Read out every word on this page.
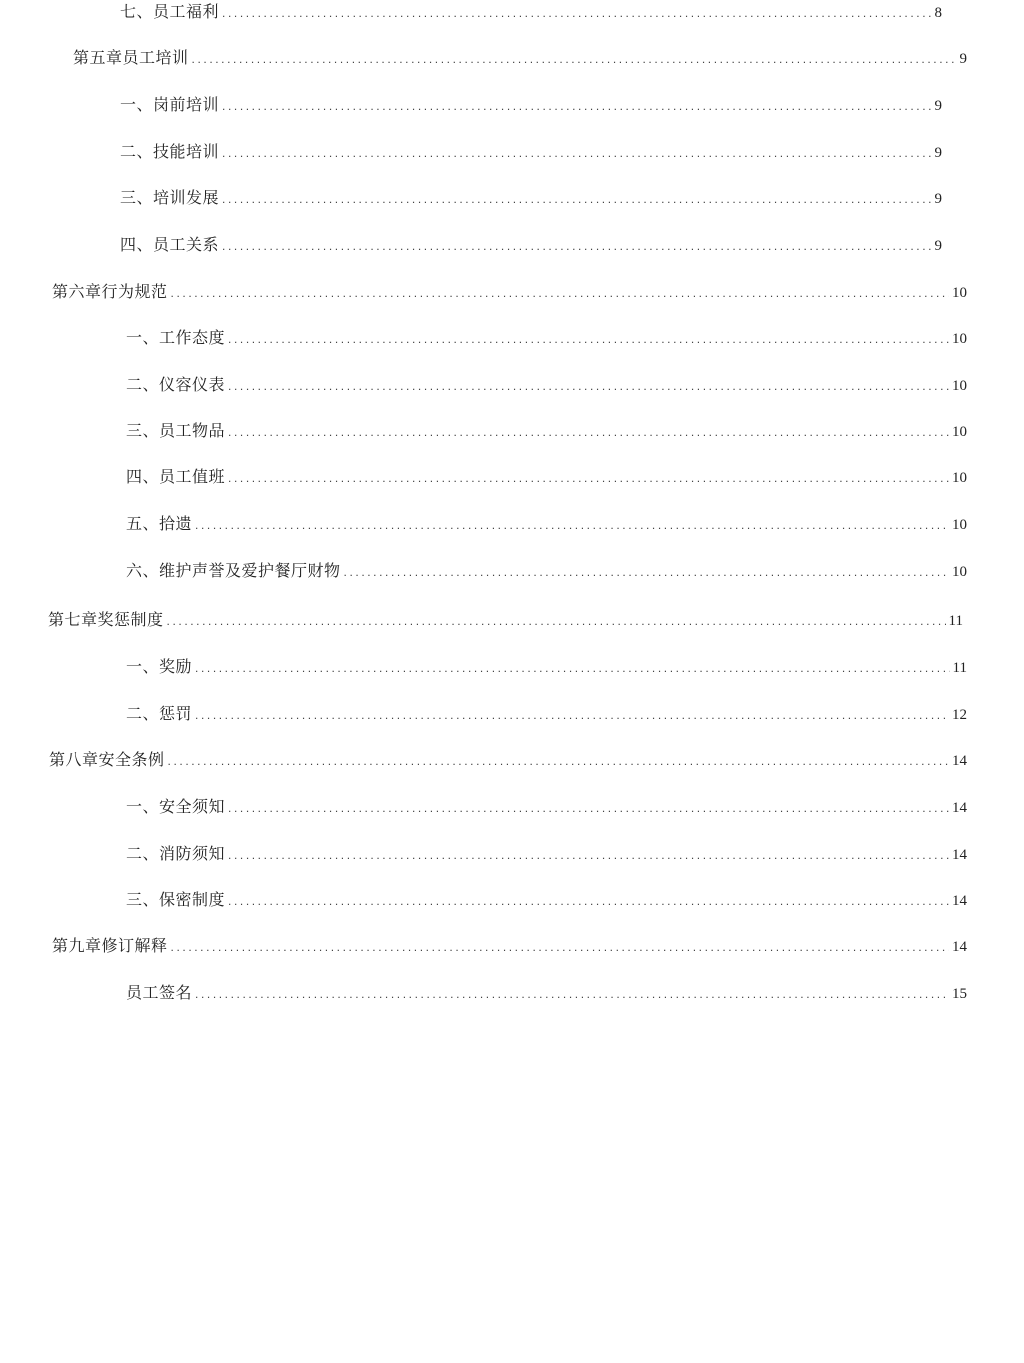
七、员工福利 .....	8
第五章员工培训 .....	9
一、岗前培训 .....	9
二、技能培训 .....	9
三、培训发展 .....	9
四、员工关系 .....	9
第六章行为规范 .....	10
一、工作态度 .....	10
二、仪容仪表 .....	10
三、员工物品 .....	10
四、员工值班 .....	10
五、拾遗 .....	10
六、维护声誉及爱护餐厅财物 .....	10
第七章奖惩制度 .....	11
一、奖励 .....	11
二、惩罚 .....	12
第八章安全条例 .....	14
一、安全须知 .....	14
二、消防须知 .....	14
三、保密制度 .....	14
第九章修订解释 .....	14
员工签名 .....	15
